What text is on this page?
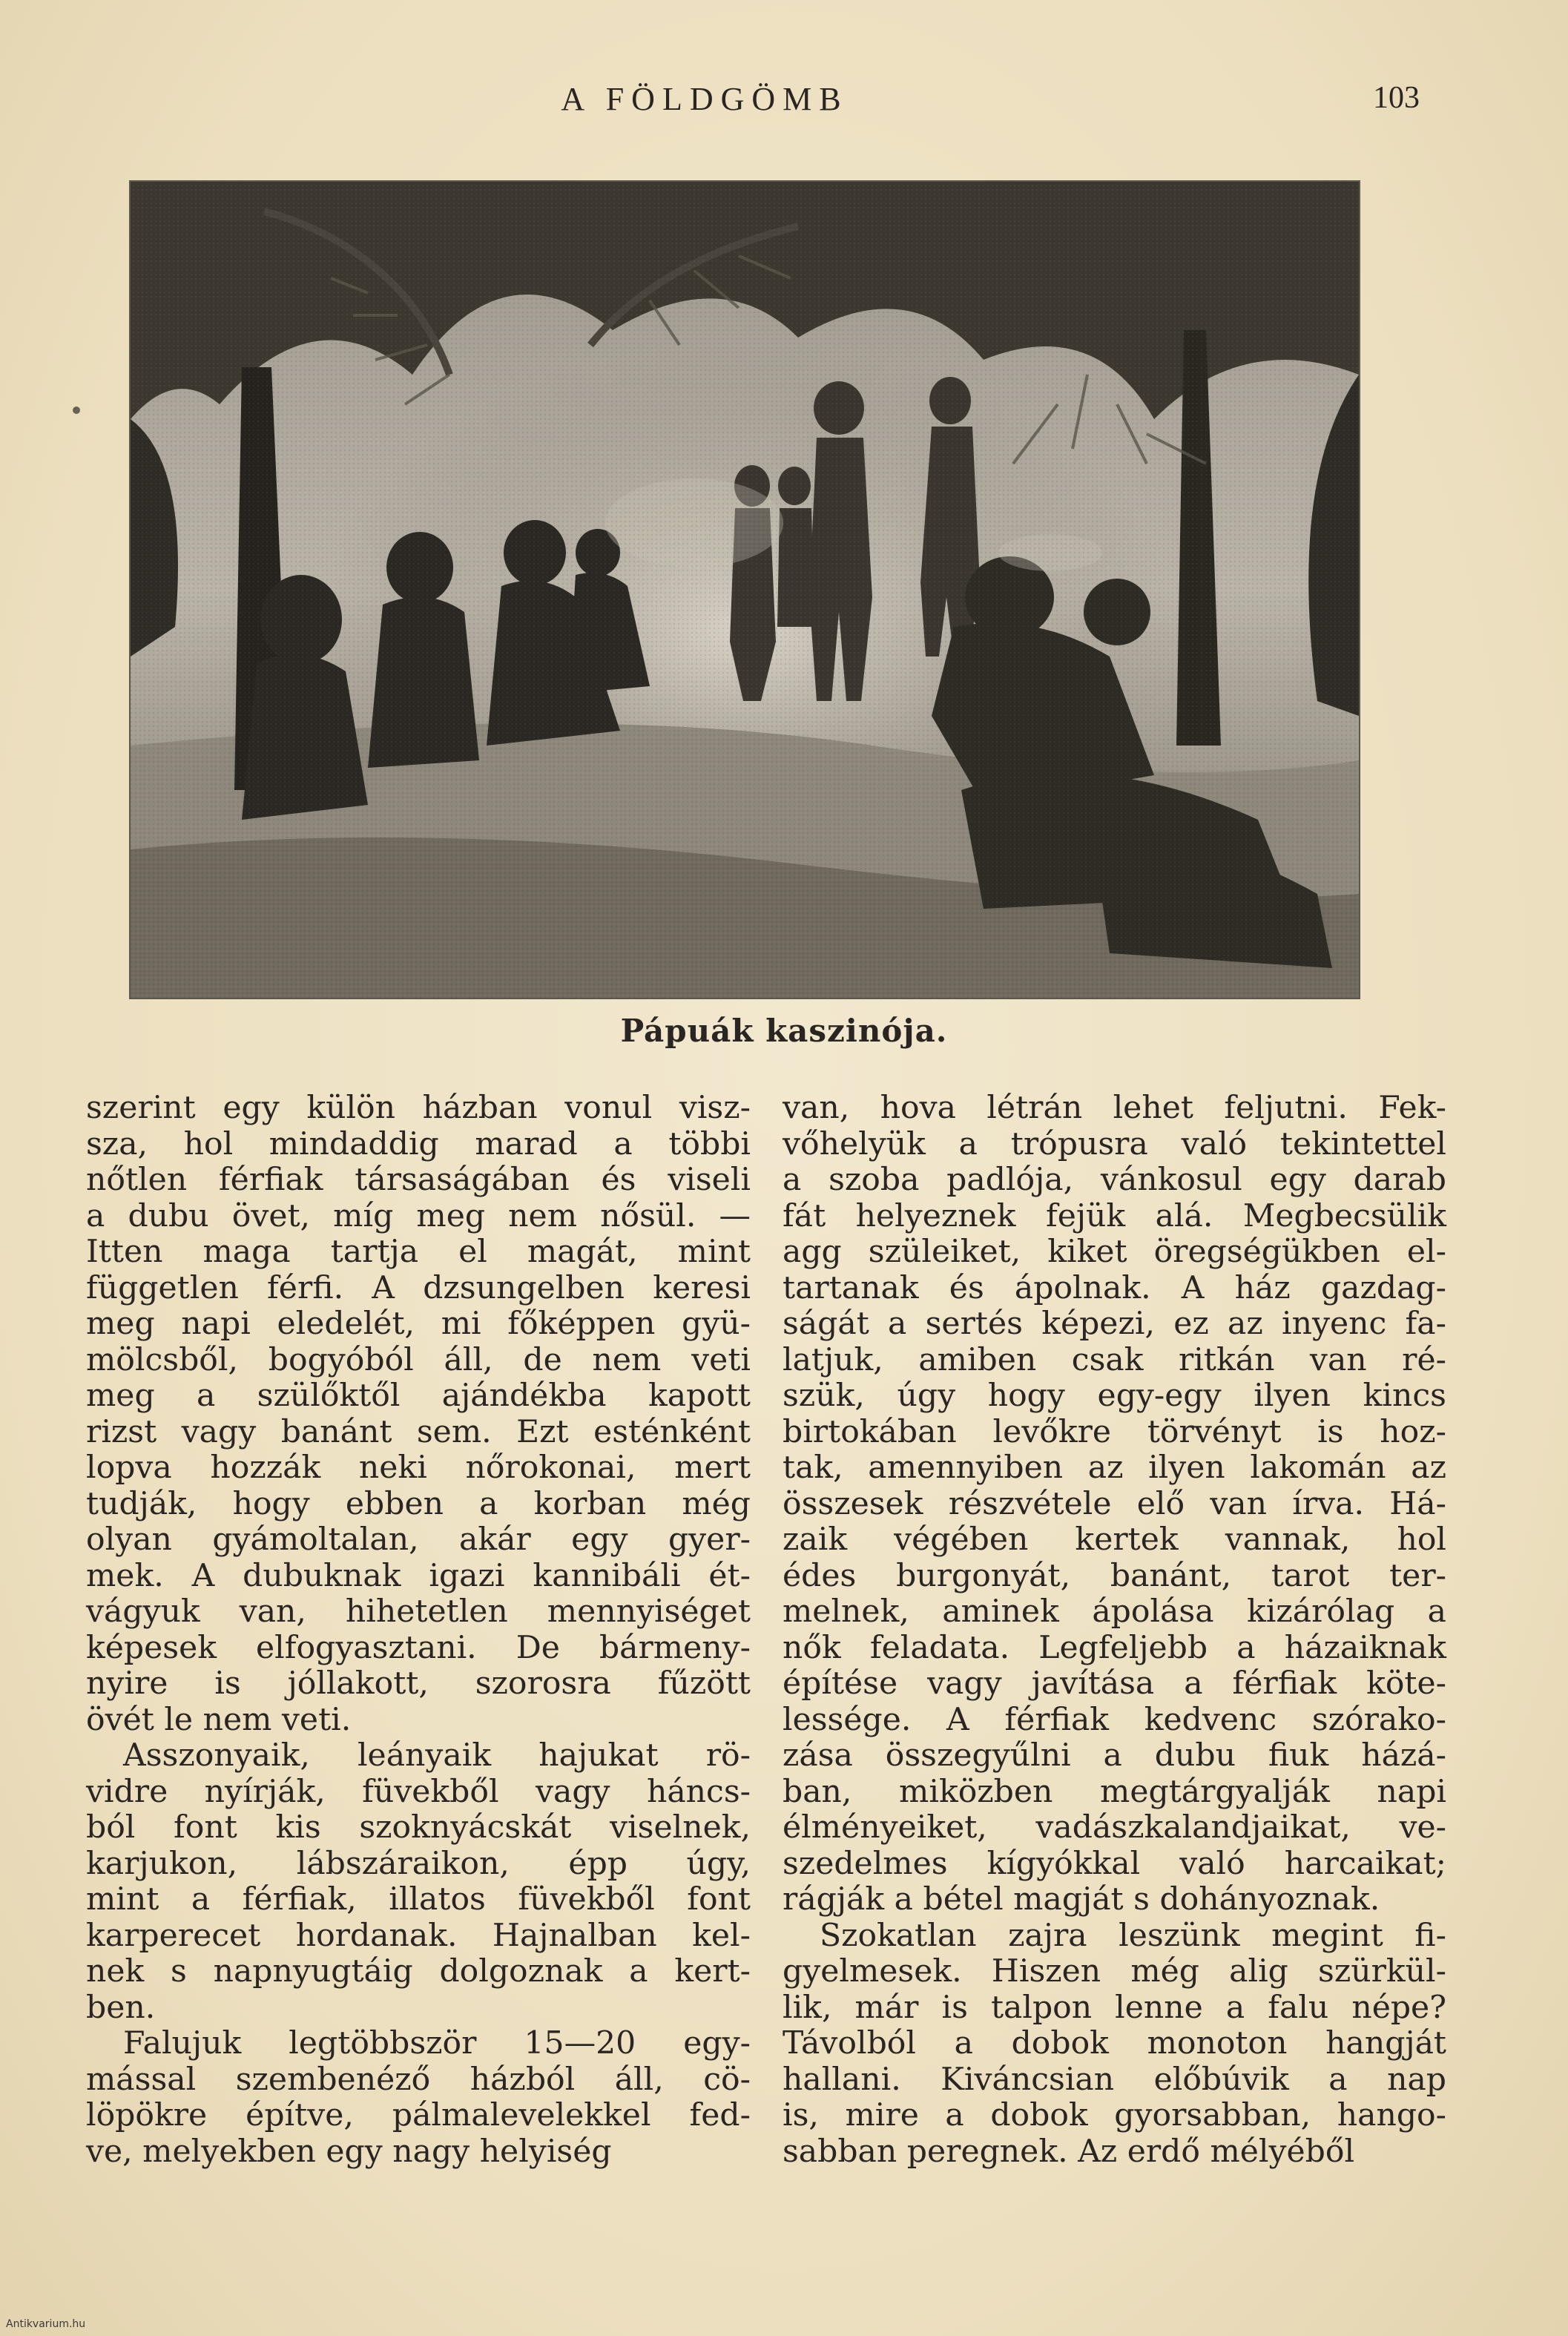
A FÖLDGÖMB	103
Pápuák kaszinója.
szerint egy külön házban vonul visz-
sza, hol mindaddig marad a többi
nőtlen férfiak társaságában és viseli
a dubu övet, míg meg nem nősül. —
Itten maga tartja el magát, mint
független férfi. A dzsungelben keresi
meg napi eledelét, mi főképpen gyü-
mölcsből, bogyóból áll, de nem veti
meg a szülőktől ajándékba kapott
rizst vagy banánt sem. Ezt esténként
lopva hozzák neki nőrokonai, mert
tudják, hogy ebben a korban még
olyan gyámoltalan, akár egy gyer-
mek. A dubuknak igazi kannibáli ét-
vágyuk van, hihetetlen mennyiséget
képesek elfogyasztani. De bármeny-
nyire is jóllakott, szorosra fűzött
övét le nem veti.
Asszonyaik, leányaik hajukat rö-
vidre nyírják, füvekből vagy háncs-
ból font kis szoknyácskát viselnek,
karjukon, lábszáraikon, épp úgy,
mint a férfiak, illatos füvekből font
karperecet hordanak. Hajnalban kel-
nek s napnyugtáig dolgoznak a kert-
ben.
Falujuk legtöbbször 15—20 egy-
mással szembenéző házból áll, cö-
löpökre építve, pálmalevelekkel fed-
ve, melyekben egy nagy helyiség
van, hova létrán lehet feljutni. Fek-
vőhelyük a trópusra való tekintettel
a szoba padlója, vánkosul egy darab
fát helyeznek fejük alá. Megbecsülik
agg szüleiket, kiket öregségükben el-
tartanak és ápolnak. A ház gazdag-
ságát a sertés képezi, ez az inyenc fa-
latjuk, amiben csak ritkán van ré-
szük, úgy hogy egy-egy ilyen kincs
birtokában levőkre törvényt is hoz-
tak, amennyiben az ilyen lakomán az
összesek részvétele elő van írva. Há-
zaik végében kertek vannak, hol
édes burgonyát, banánt, tarot ter-
melnek, aminek ápolása kizárólag a
nők feladata. Legfeljebb a házaiknak
építése vagy javítása a férfiak köte-
lessége. A férfiak kedvenc szórako-
zása összegyűlni a dubu fiuk házá-
ban, miközben megtárgyalják napi
élményeiket, vadászkalandjaikat, ve-
szedelmes kígyókkal való harcaikat;
rágják a bétel magját s dohányoznak.
Szokatlan zajra leszünk megint fi-
gyelmesek. Hiszen még alig szürkül-
lik, már is talpon lenne a falu népe?
Távolból a dobok monoton hangját
hallani. Kiváncsian előbúvik a nap
is, mire a dobok gyorsabban, hango-
sabban peregnek. Az erdő mélyéből
Antikvarium.hu
